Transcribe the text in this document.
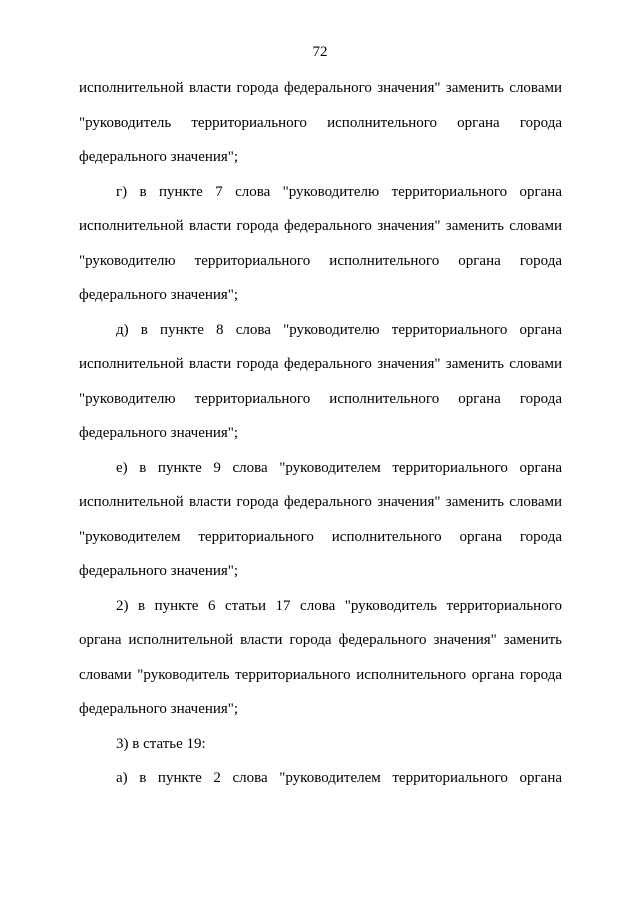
72
исполнительной власти города федерального значения" заменить словами
"руководитель территориального исполнительного органа города
федерального значения";
г) в пункте 7 слова "руководителю территориального органа
исполнительной власти города федерального значения" заменить словами
"руководителю территориального исполнительного органа города
федерального значения";
д) в пункте 8 слова "руководителю территориального органа
исполнительной власти города федерального значения" заменить словами
"руководителю территориального исполнительного органа города
федерального значения";
е) в пункте 9 слова "руководителем территориального органа
исполнительной власти города федерального значения" заменить словами
"руководителем территориального исполнительного органа города
федерального значения";
2) в пункте 6 статьи 17 слова "руководитель территориального
органа исполнительной власти города федерального значения" заменить
словами "руководитель территориального исполнительного органа города
федерального значения";
3) в статье 19:
а) в пункте 2 слова "руководителем территориального органа
